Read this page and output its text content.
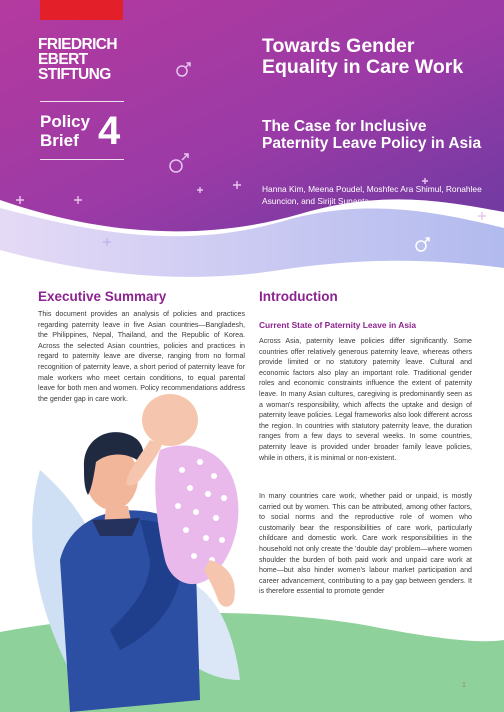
FRIEDRICH
EBERT
STIFTUNG
Policy
Brief 4
Towards Gender Equality in Care Work
The Case for Inclusive Paternity Leave Policy in Asia
Hanna Kim, Meena Poudel, Moshfec Ara Shimul, Ronahlee Asuncion, and Sirijit Sunanta
Executive Summary

This document provides an analysis of policies and practices regarding paternity leave in five Asian countries—Bangladesh, the Philippines, Nepal, Thailand, and the Republic of Korea. Across the selected Asian countries, policies and practices in regard to paternity leave are diverse, ranging from no formal recognition of paternity leave, a short period of paternity leave for male workers who meet certain conditions, to equal parental leave for both men and women. Policy recommendations address the gender gap in care work.

Introduction
Current State of Paternity Leave in Asia

Across Asia, paternity leave policies differ significantly. Some countries offer relatively generous paternity leave, whereas others provide limited or no statutory paternity leave. Cultural and economic factors also play an important role. Traditional gender roles and economic constraints influence the extent of paternity leave. In many Asian cultures, caregiving is predominantly seen as a woman's responsibility, which affects the uptake and design of paternity leave policies. Legal frameworks also look different across the region. In countries with statutory paternity leave, the duration ranges from a few days to several weeks. In some countries, paternity leave is provided under broader family leave policies, while in others, it is minimal or non-existent.

In many countries care work, whether paid or unpaid, is mostly carried out by women. This can be attributed, among other factors, to social norms and the reproductive role of women who customarily bear the responsibilities of care work, particularly childcare and domestic work. Care work responsibilities in the household not only create the 'double day' problem—where women shoulder the burden of both paid work and unpaid care work at home—but also hinder women's labour market participation and career advancement, contributing to a pay gap between genders. It is therefore essential to promote gender

1
